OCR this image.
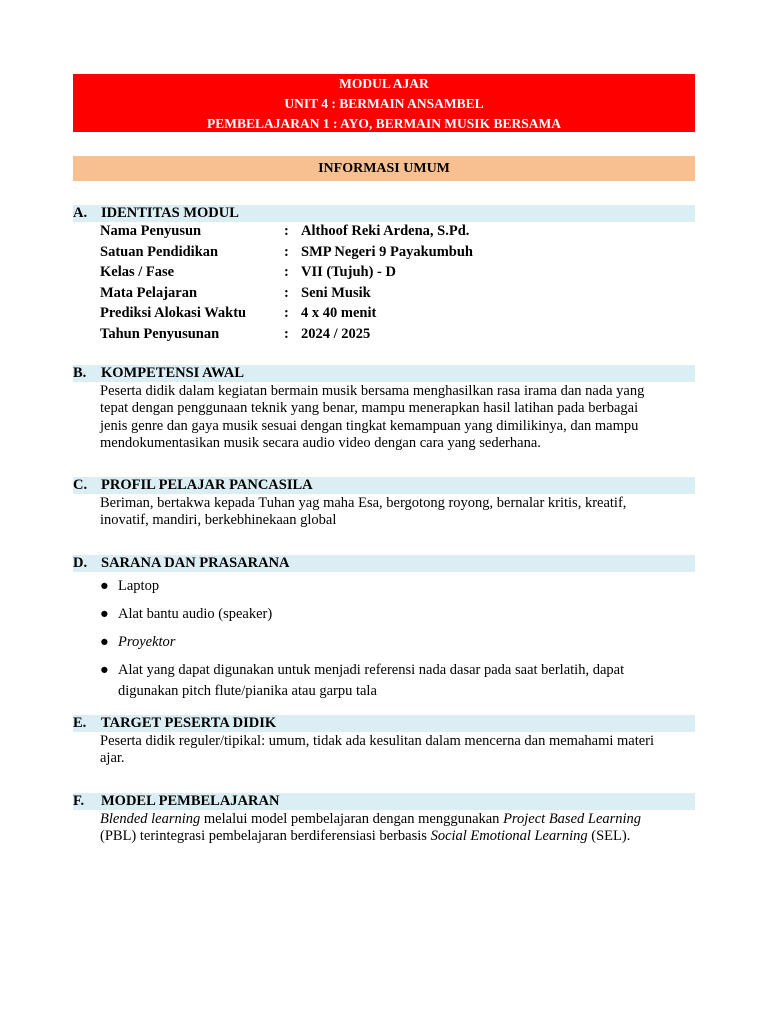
MODUL AJAR
UNIT 4 : BERMAIN ANSAMBEL
PEMBELAJARAN 1 : AYO, BERMAIN MUSIK BERSAMA
INFORMASI UMUM
A. IDENTITAS MODUL
Nama Penyusun	: Althoof Reki Ardena, S.Pd.
Satuan Pendidikan	: SMP Negeri 9 Payakumbuh
Kelas / Fase	: VII (Tujuh) - D
Mata Pelajaran	: Seni Musik
Prediksi Alokasi Waktu	: 4 x 40 menit
Tahun Penyusunan	: 2024 / 2025
B. KOMPETENSI AWAL
Peserta didik dalam kegiatan bermain musik bersama menghasilkan rasa irama dan nada yang
tepat dengan penggunaan teknik yang benar, mampu menerapkan hasil latihan pada berbagai
jenis genre dan gaya musik sesuai dengan tingkat kemampuan yang dimilikinya, dan mampu
mendokumentasikan musik secara audio video dengan cara yang sederhana.
C. PROFIL PELAJAR PANCASILA
Beriman, bertakwa kepada Tuhan yag maha Esa, bergotong royong, bernalar kritis, kreatif,
inovatif, mandiri, berkebhinekaan global
D. SARANA DAN PRASARANA
● Laptop
● Alat bantu audio (speaker)
● Proyektor
● Alat yang dapat digunakan untuk menjadi referensi nada dasar pada saat berlatih, dapat
digunakan pitch flute/pianika atau garpu tala
E. TARGET PESERTA DIDIK
Peserta didik reguler/tipikal: umum, tidak ada kesulitan dalam mencerna dan memahami materi
ajar.
F. MODEL PEMBELAJARAN
Blended learning melalui model pembelajaran dengan menggunakan Project Based Learning
(PBL) terintegrasi pembelajaran berdiferensiasi berbasis Social Emotional Learning (SEL).
